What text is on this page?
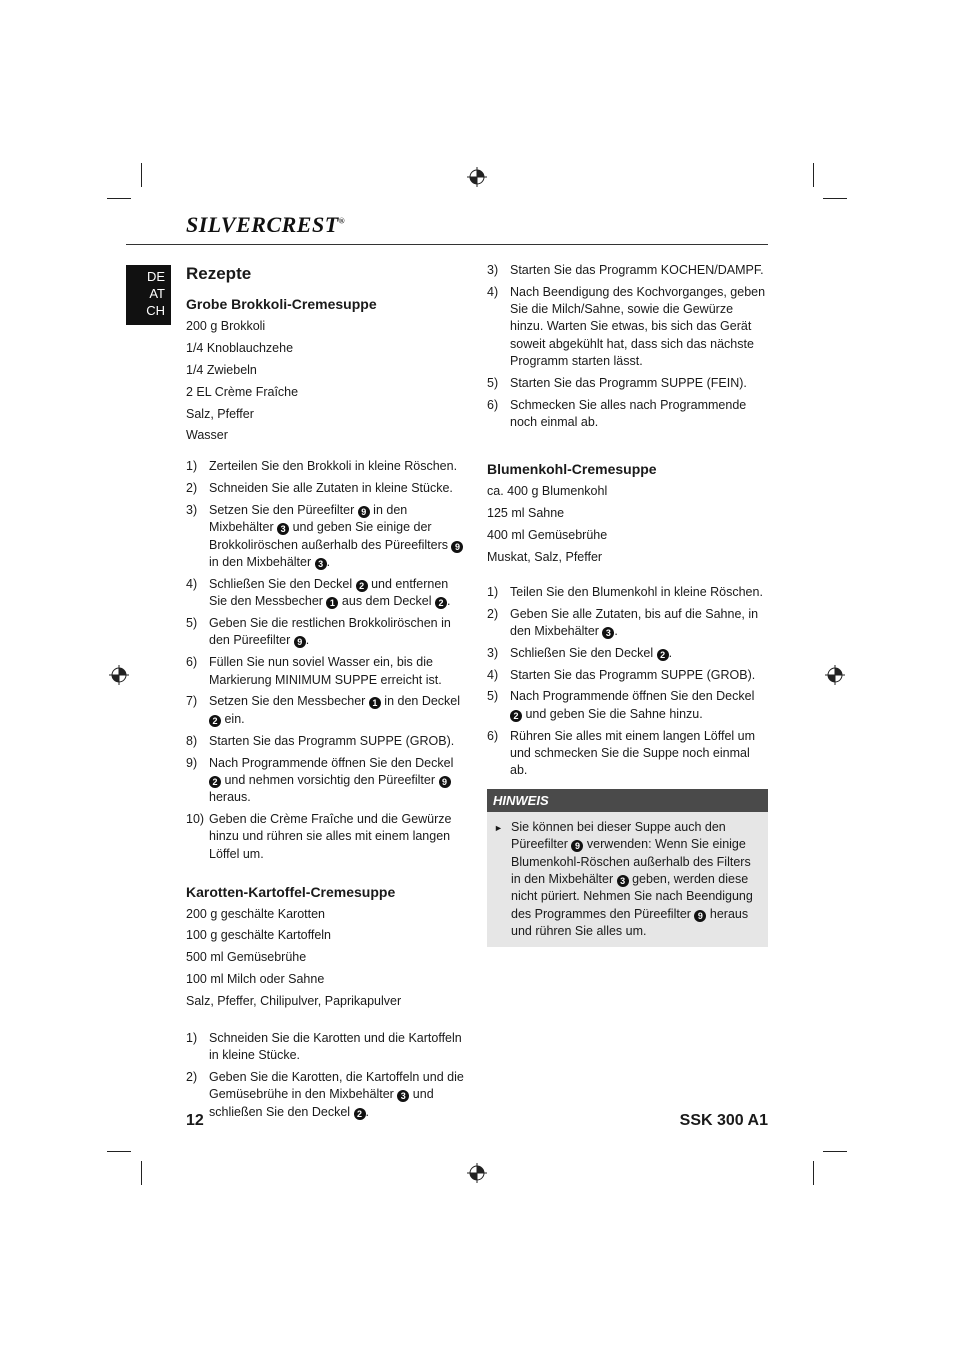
SILVERCREST®
DE
AT
CH
Rezepte
Grobe Brokkoli-Cremesuppe
200 g Brokkoli
1/4 Knoblauchzehe
1/4 Zwiebeln
2 EL Crème Fraîche
Salz, Pfeffer
Wasser
1) Zerteilen Sie den Brokkoli in kleine Röschen.
2) Schneiden Sie alle Zutaten in kleine Stücke.
3) Setzen Sie den Püreefilter 9 in den Mixbehälter 3 und geben Sie einige der Brokkoliröschen außerhalb des Püreefilters 9 in den Mixbehälter 3 .
4) Schließen Sie den Deckel 2 und entfernen Sie den Messbecher 1 aus dem Deckel 2 .
5) Geben Sie die restlichen Brokkoliröschen in den Püreefilter 9 .
6) Füllen Sie nun soviel Wasser ein, bis die Markierung MINIMUM SUPPE erreicht ist.
7) Setzen Sie den Messbecher 1 in den Deckel 2 ein.
8) Starten Sie das Programm SUPPE (GROB).
9) Nach Programmende öffnen Sie den Deckel 2 und nehmen vorsichtig den Püreefilter 9 heraus.
10) Geben die Crème Fraîche und die Gewürze hinzu und rühren sie alles mit einem langen Löffel um.
Karotten-Kartoffel-Cremesuppe
200 g geschälte Karotten
100 g geschälte Kartoffeln
500 ml Gemüsebrühe
100 ml Milch oder Sahne
Salz, Pfeffer, Chilipulver, Paprikapulver
1) Schneiden Sie die Karotten und die Kartoffeln in kleine Stücke.
2) Geben Sie die Karotten, die Kartoffeln und die Gemüsebrühe in den Mixbehälter 3 und schließen Sie den Deckel 2 .
3) Starten Sie das Programm KOCHEN/DAMPF.
4) Nach Beendigung des Kochvorganges, geben Sie die Milch/Sahne, sowie die Gewürze hinzu. Warten Sie etwas, bis sich das Gerät soweit abgekühlt hat, dass sich das nächste Programm starten lässt.
5) Starten Sie das Programm SUPPE (FEIN).
6) Schmecken Sie alles nach Programmende noch einmal ab.
Blumenkohl-Cremesuppe
ca. 400 g Blumenkohl
125 ml Sahne
400 ml Gemüsebrühe
Muskat, Salz, Pfeffer
1) Teilen Sie den Blumenkohl in kleine Röschen.
2) Geben Sie alle Zutaten, bis auf die Sahne, in den Mixbehälter 3 .
3) Schließen Sie den Deckel 2 .
4) Starten Sie das Programm SUPPE (GROB).
5) Nach Programmende öffnen Sie den Deckel 2 und geben Sie die Sahne hinzu.
6) Rühren Sie alles mit einem langen Löffel um und schmecken Sie die Suppe noch einmal ab.
HINWEIS
► Sie können bei dieser Suppe auch den Püreefilter 9 verwenden: Wenn Sie einige Blumenkohl-Röschen außerhalb des Filters in den Mixbehälter 3 geben, werden diese nicht püriert. Nehmen Sie nach Beendigung des Programmes den Püreefilter 9 heraus und rühren Sie alles um.
12	SSK 300 A1
